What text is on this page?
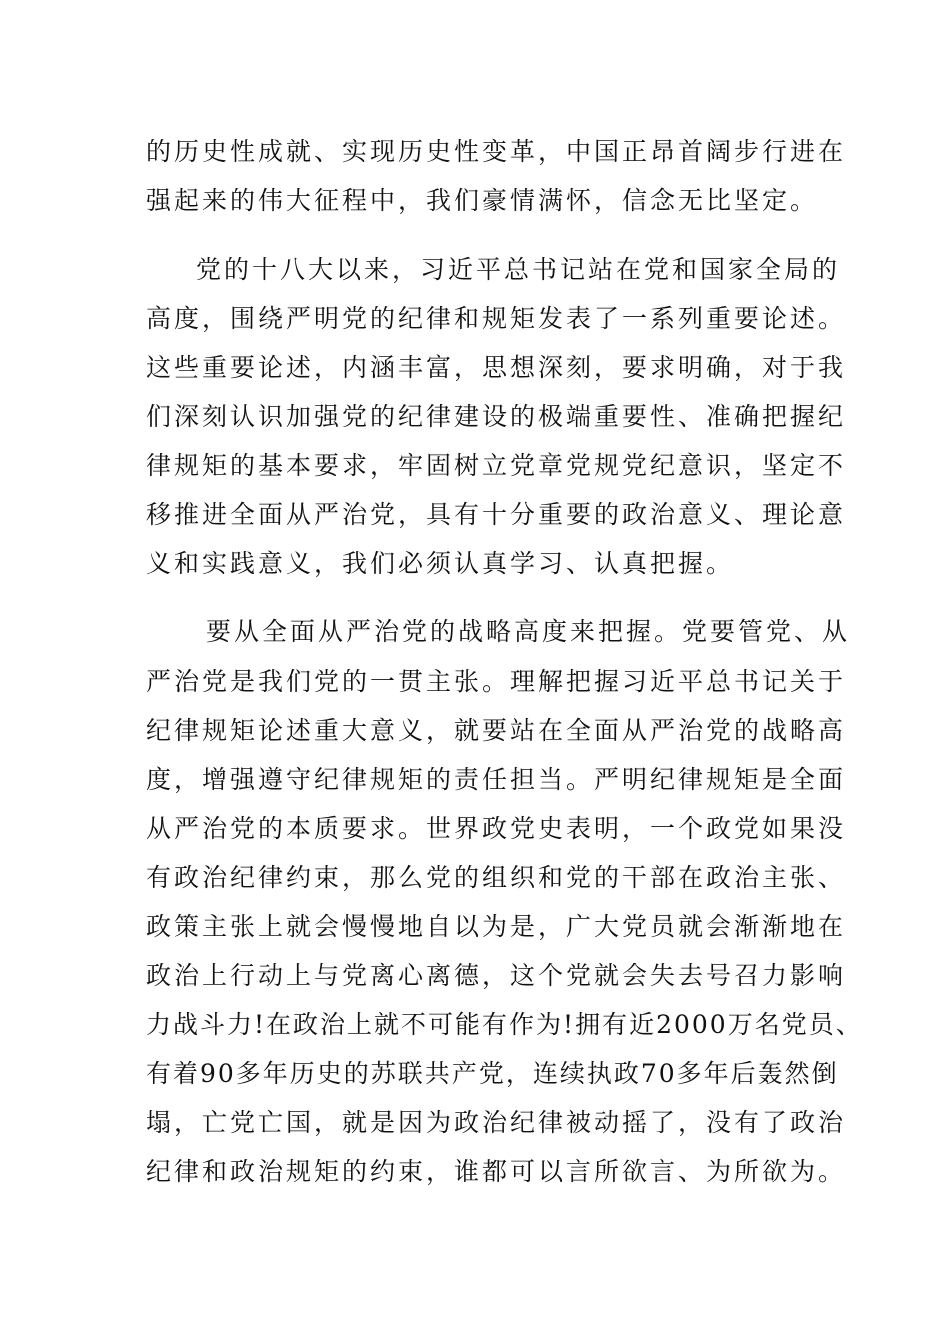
的历史性成就、实现历史性变革，中国正昂首阔步行进在
强起来的伟大征程中，我们豪情满怀，信念无比坚定。
党的十八大以来，习近平总书记站在党和国家全局的
高度，围绕严明党的纪律和规矩发表了一系列重要论述。
这些重要论述，内涵丰富，思想深刻，要求明确，对于我
们深刻认识加强党的纪律建设的极端重要性、准确把握纪
律规矩的基本要求，牢固树立党章党规党纪意识，坚定不
移推进全面从严治党，具有十分重要的政治意义、理论意
义和实践意义，我们必须认真学习、认真把握。
要从全面从严治党的战略高度来把握。党要管党、从
严治党是我们党的一贯主张。理解把握习近平总书记关于
纪律规矩论述重大意义，就要站在全面从严治党的战略高
度，增强遵守纪律规矩的责任担当。严明纪律规矩是全面
从严治党的本质要求。世界政党史表明，一个政党如果没
有政治纪律约束，那么党的组织和党的干部在政治主张、
政策主张上就会慢慢地自以为是，广大党员就会渐渐地在
政治上行动上与党离心离德，这个党就会失去号召力影响
力战斗力!在政治上就不可能有作为!拥有近2000万名党员、
有着90多年历史的苏联共产党，连续执政70多年后轰然倒
塌，亡党亡国，就是因为政治纪律被动摇了，没有了政治
纪律和政治规矩的约束，谁都可以言所欲言、为所欲为。
